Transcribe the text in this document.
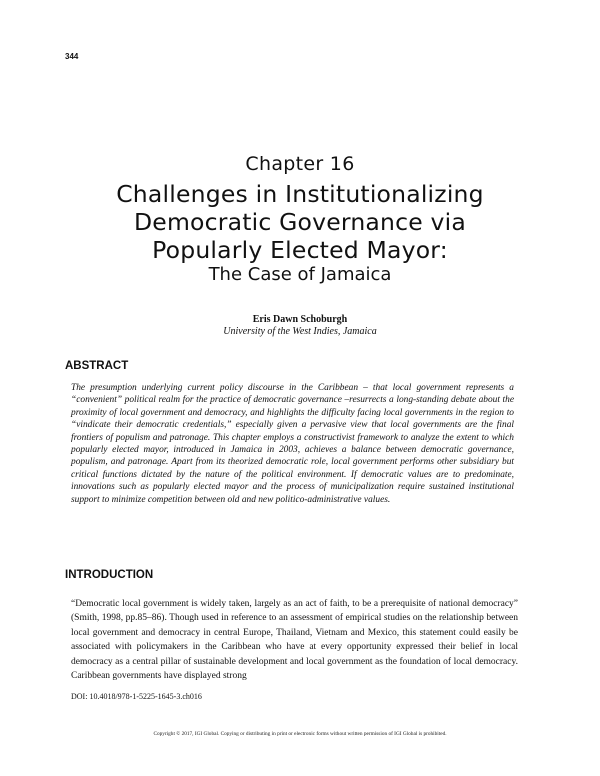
344
Chapter 16
Challenges in Institutionalizing
Democratic Governance via
Popularly Elected Mayor:
The Case of Jamaica
Eris Dawn Schoburgh
University of the West Indies, Jamaica
ABSTRACT
The presumption underlying current policy discourse in the Caribbean – that local government represents a “convenient” political realm for the practice of democratic governance –resurrects a long-standing debate about the proximity of local government and democracy, and highlights the difficulty facing local governments in the region to “vindicate their democratic credentials,” especially given a pervasive view that local governments are the final frontiers of populism and patronage. This chapter employs a constructivist framework to analyze the extent to which popularly elected mayor, introduced in Jamaica in 2003, achieves a balance between democratic governance, populism, and patronage. Apart from its theorized democratic role, local government performs other subsidiary but critical functions dictated by the nature of the political environment. If democratic values are to predominate, innovations such as popularly elected mayor and the process of municipalization require sustained institutional support to minimize competition between old and new politico-administrative values.
INTRODUCTION
“Democratic local government is widely taken, largely as an act of faith, to be a prerequisite of national democracy” (Smith, 1998, pp.85–86). Though used in reference to an assessment of empirical studies on the relationship between local government and democracy in central Europe, Thailand, Vietnam and Mexico, this statement could easily be associated with policymakers in the Caribbean who have at every opportunity expressed their belief in local democracy as a central pillar of sustainable development and local government as the foundation of local democracy. Caribbean governments have displayed strong
DOI: 10.4018/978-1-5225-1645-3.ch016
Copyright © 2017, IGI Global. Copying or distributing in print or electronic forms without written permission of IGI Global is prohibited.
